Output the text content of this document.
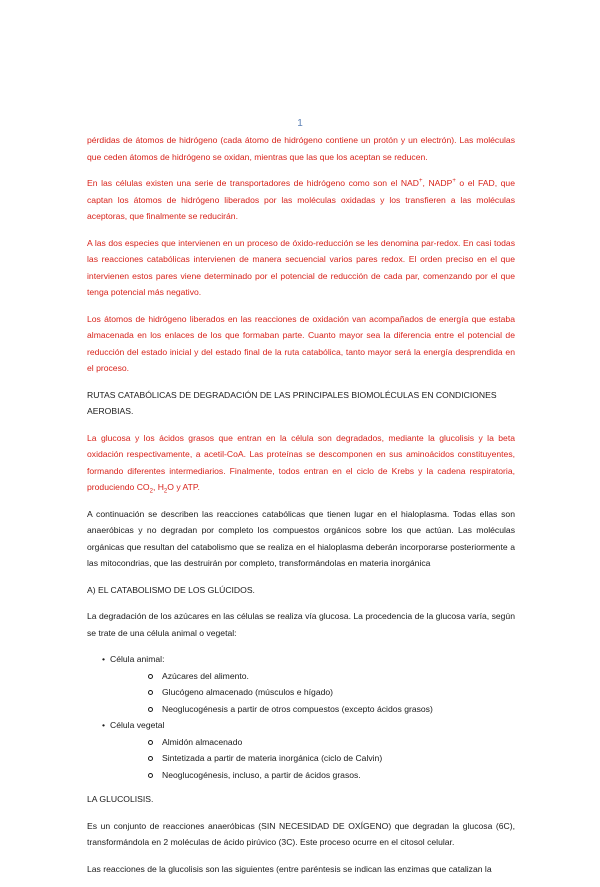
1

pérdidas de átomos de hidrógeno (cada átomo de hidrógeno contiene un protón y un electrón). Las moléculas que ceden átomos de hidrógeno se oxidan, mientras que las que los aceptan se reducen.

En las células existen una serie de transportadores de hidrógeno como son el NAD+, NADP+ o el FAD, que captan los átomos de hidrógeno liberados por las moléculas oxidadas y los transfieren a las moléculas aceptoras, que finalmente se reducirán.

A las dos especies que intervienen en un proceso de óxido-reducción se les denomina par-redox. En casi todas las reacciones catabólicas intervienen de manera secuencial varios pares redox. El orden preciso en el que intervienen estos pares viene determinado por el potencial de reducción de cada par, comenzando por el que tenga potencial más negativo.

Los átomos de hidrógeno liberados en las reacciones de oxidación van acompañados de energía que estaba almacenada en los enlaces de los que formaban parte. Cuanto mayor sea la diferencia entre el potencial de reducción del estado inicial y del estado final de la ruta catabólica, tanto mayor será la energía desprendida en el proceso.

RUTAS CATABÓLICAS DE DEGRADACIÓN DE LAS PRINCIPALES BIOMOLÉCULAS EN CONDICIONES AEROBIAS.

La glucosa y los ácidos grasos que entran en la célula son degradados, mediante la glucolisis y la beta oxidación respectivamente, a acetil-CoA. Las proteínas se descomponen en sus aminoácidos constituyentes, formando diferentes intermediarios. Finalmente, todos entran en el ciclo de Krebs y la cadena respiratoria, produciendo $CO_2$, $H_2O$ y ATP.

A continuación se describen las reacciones catabólicas que tienen lugar en el hialoplasma. Todas ellas son anaeróbicas y no degradan por completo los compuestos orgánicos sobre los que actúan. Las moléculas orgánicas que resultan del catabolismo que se realiza en el hialoplasma deberán incorporarse posteriormente a las mitocondrias, que las destruirán por completo, transformándolas en materia inorgánica

A) EL CATABOLISMO DE LOS GLÚCIDOS.

La degradación de los azúcares en las células se realiza vía glucosa. La procedencia de la glucosa varía, según se trate de una célula animal o vegetal:

• Célula animal:
Azúcares del alimento.
Glucógeno almacenado (músculos e hígado)
Neoglucogénesis a partir de otros compuestos (excepto ácidos grasos)
• Célula vegetal
Almidón almacenado
Sintetizada a partir de materia inorgánica (ciclo de Calvin)
Neoglucogénesis, incluso, a partir de ácidos grasos.

LA GLUCOLISIS.

Es un conjunto de reacciones anaeróbicas (SIN NECESIDAD DE OXÍGENO) que degradan la glucosa (6C), transformándola en 2 moléculas de ácido pirúvico (3C). Este proceso ocurre en el citosol celular.

Las reacciones de la glucolisis son las siguientes (entre paréntesis se indican las enzimas que catalizan la
